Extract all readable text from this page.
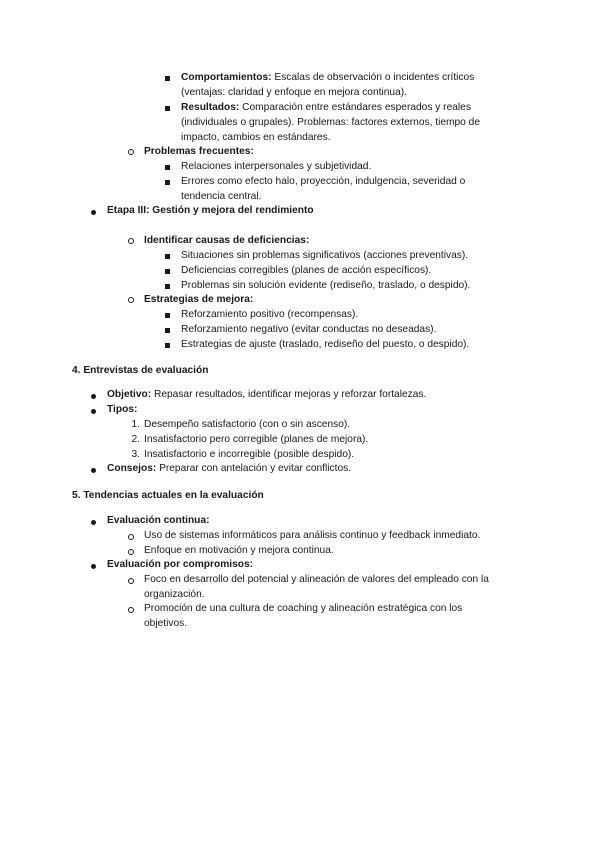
Comportamientos: Escalas de observación o incidentes críticos
(ventajas: claridad y enfoque en mejora continua).
Resultados: Comparación entre estándares esperados y reales
(individuales o grupales). Problemas: factores externos, tiempo de
impacto, cambios en estándares.
Problemas frecuentes:
Relaciones interpersonales y subjetividad.
Errores como efecto halo, proyección, indulgencia, severidad o
tendencia central.
Etapa III: Gestión y mejora del rendimiento
Identificar causas de deficiencias:
Situaciones sin problemas significativos (acciones preventivas).
Deficiencias corregibles (planes de acción específicos).
Problemas sin solución evidente (rediseño, traslado, o despido).
Estrategias de mejora:
Reforzamiento positivo (recompensas).
Reforzamiento negativo (evitar conductas no deseadas).
Estrategias de ajuste (traslado, rediseño del puesto, o despido).
4. Entrevistas de evaluación
Objetivo: Repasar resultados, identificar mejoras y reforzar fortalezas.
Tipos:
1. Desempeño satisfactorio (con o sin ascenso).
2. Insatisfactorio pero corregible (planes de mejora).
3. Insatisfactorio e incorregible (posible despido).
Consejos: Preparar con antelación y evitar conflictos.
5. Tendencias actuales en la evaluación
Evaluación continua:
Uso de sistemas informáticos para análisis continuo y feedback inmediato.
Enfoque en motivación y mejora continua.
Evaluación por compromisos:
Foco en desarrollo del potencial y alineación de valores del empleado con la
organización.
Promoción de una cultura de coaching y alineación estratégica con los
objetivos.
